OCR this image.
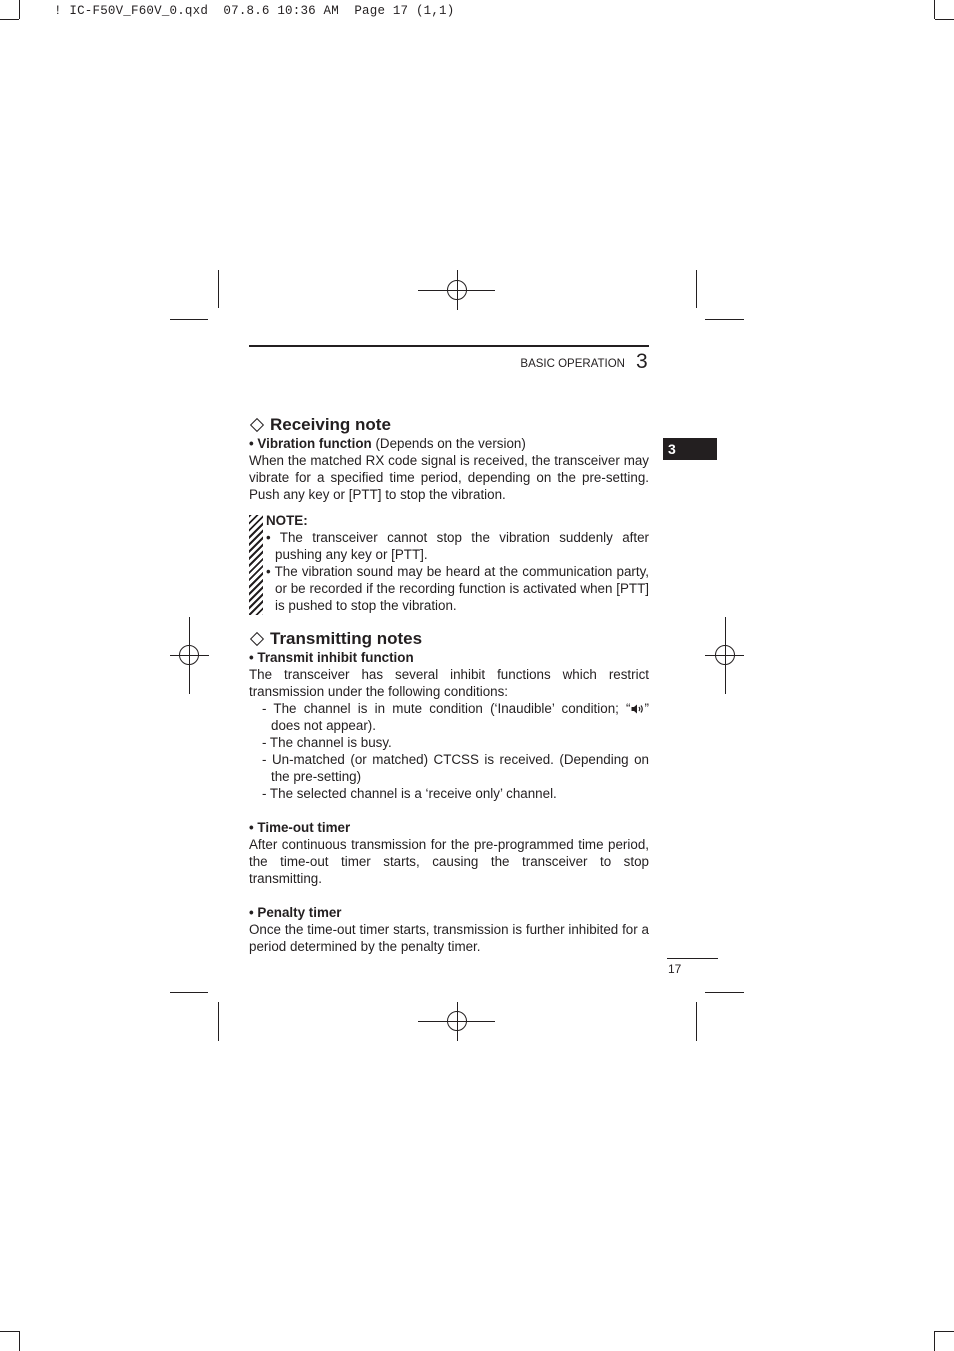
! IC-F50V_F60V_0.qxd  07.8.6 10:36 AM  Page 17 (1,1)
BASIC OPERATION 3
3
Receiving note

• Vibration function (Depends on the version)

When the matched RX code signal is received, the transceiver may vibrate for a specified time period, depending on the pre-setting. Push any key or [PTT] to stop the vibration.

NOTE:

• The transceiver cannot stop the vibration suddenly after pushing any key or [PTT].

• The vibration sound may be heard at the communication party, or be recorded if the recording function is activated when [PTT] is pushed to stop the vibration.

Transmitting notes

• Transmit inhibit function

The transceiver has several inhibit functions which restrict transmission under the following conditions:

- The channel is in mute condition (‘Inaudible’ condition; “ ” does not appear).

- The channel is busy.

- Un-matched (or matched) CTCSS is received. (Depending on the pre-setting)

- The selected channel is a ‘receive only’ channel.

• Time-out timer

After continuous transmission for the pre-programmed time period, the time-out timer starts, causing the transceiver to stop transmitting.

• Penalty timer

Once the time-out timer starts, transmission is further inhibited for a period determined by the penalty timer.

17
